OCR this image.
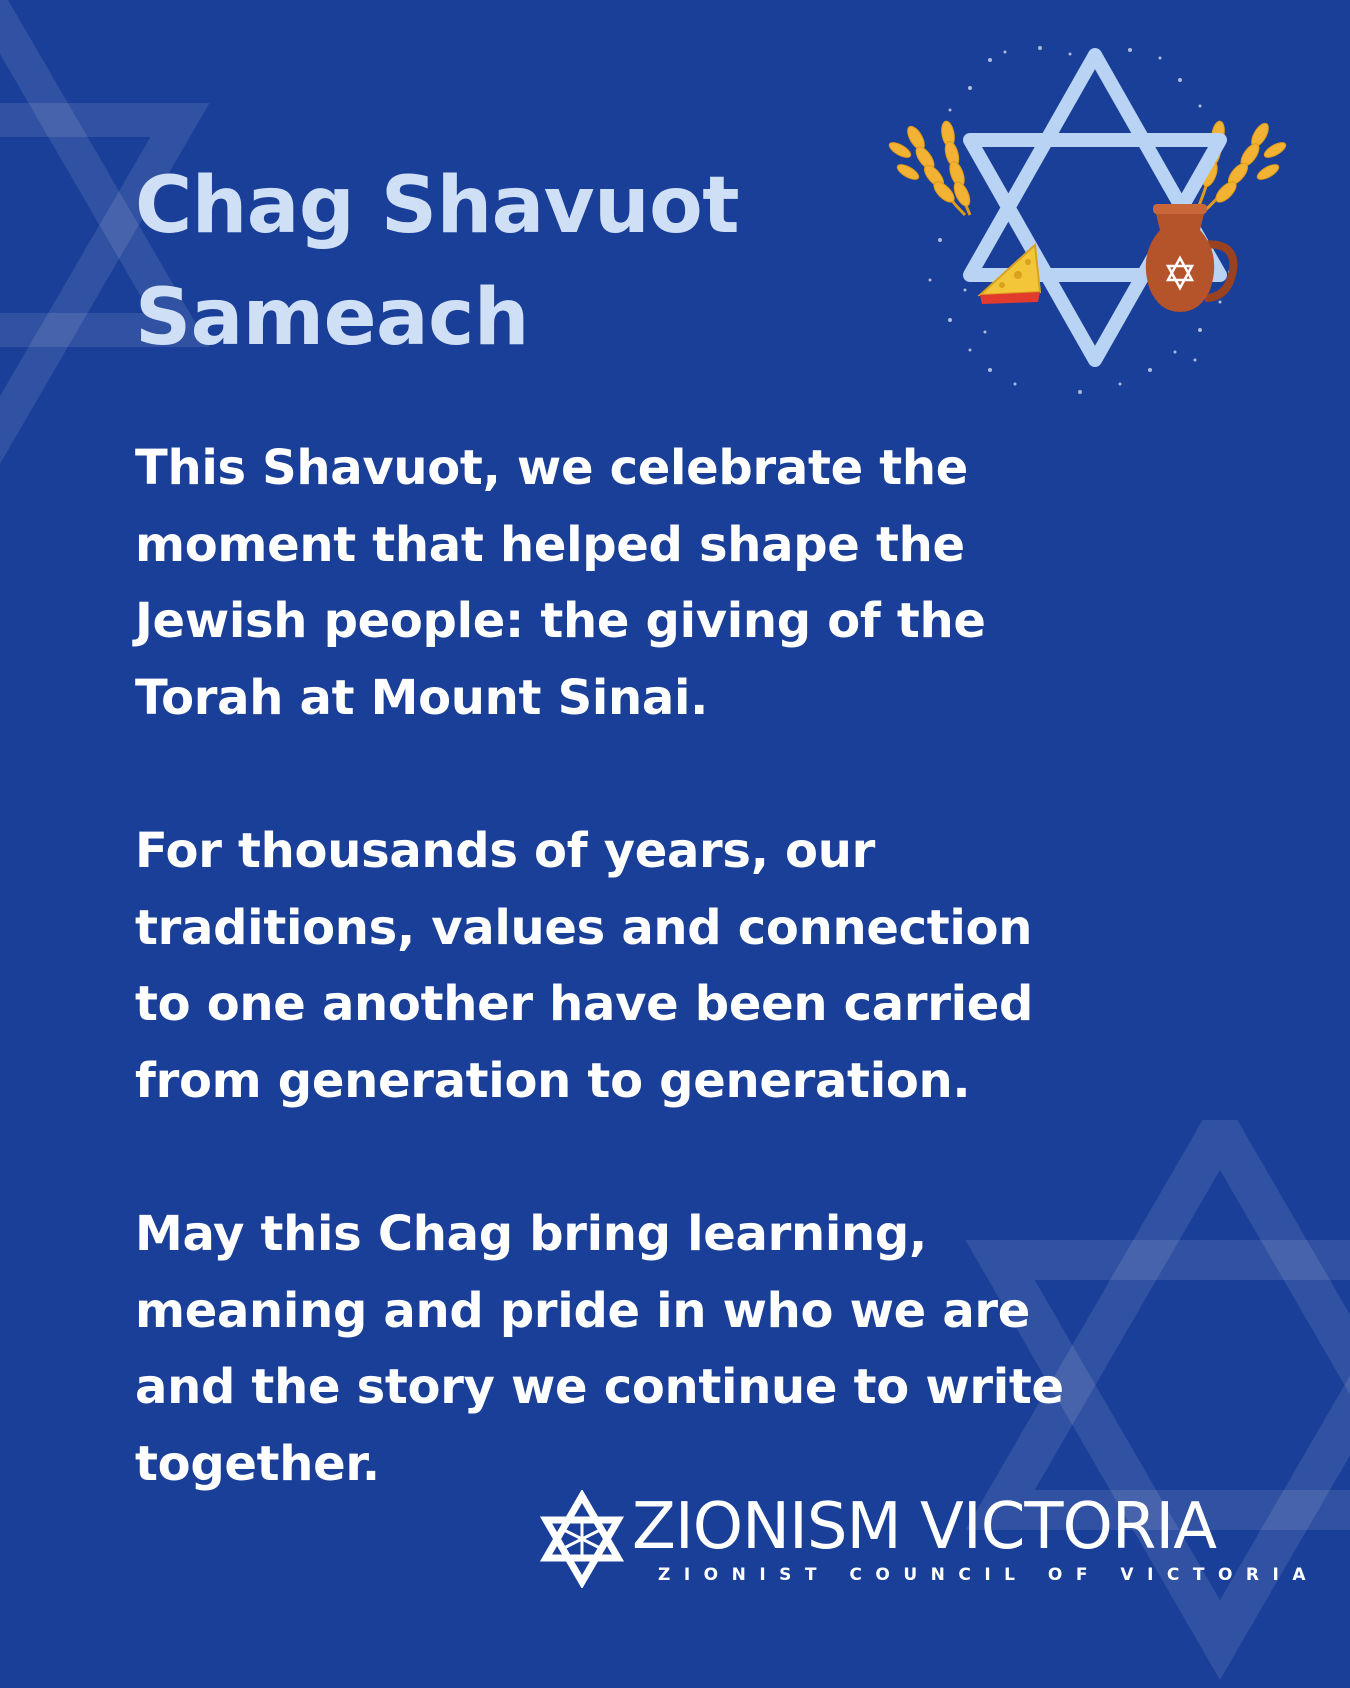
Chag Shavuot
Sameach

This Shavuot, we celebrate the
moment that helped shape the
Jewish people: the giving of the
Torah at Mount Sinai.

For thousands of years, our
traditions, values and connection
to one another have been carried
from generation to generation.

May this Chag bring learning,
meaning and pride in who we are
and the story we continue to write
together.

ZIONISM VICTORIA

ZIONIST COUNCIL OF VICTORIA
